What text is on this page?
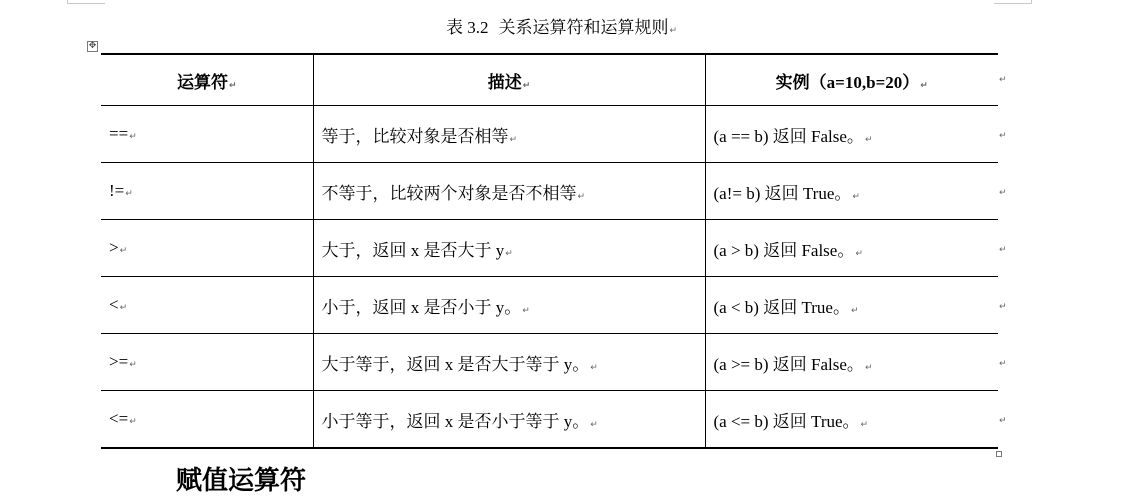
表 3.2 关系运算符和运算规则 ↵
✥
运算符 ↵	描述 ↵	实例（a=10,b=20） ↵
== ↵	等于，比较对象是否相等 ↵	(a == b) 返回 False。 ↵
!= ↵	不等于，比较两个对象是否不相等 ↵	(a!= b) 返回 True。 ↵
> ↵	大于，返回 x 是否大于 y ↵	(a > b) 返回 False。 ↵
< ↵	小于，返回 x 是否小于 y。 ↵	(a < b) 返回 True。 ↵
>= ↵	大于等于，返回 x 是否大于等于 y。 ↵	(a >= b) 返回 False。 ↵
<= ↵	小于等于，返回 x 是否小于等于 y。 ↵	(a <= b) 返回 True。 ↵
↵
↵
↵
↵
↵
↵
↵
赋值运算符
